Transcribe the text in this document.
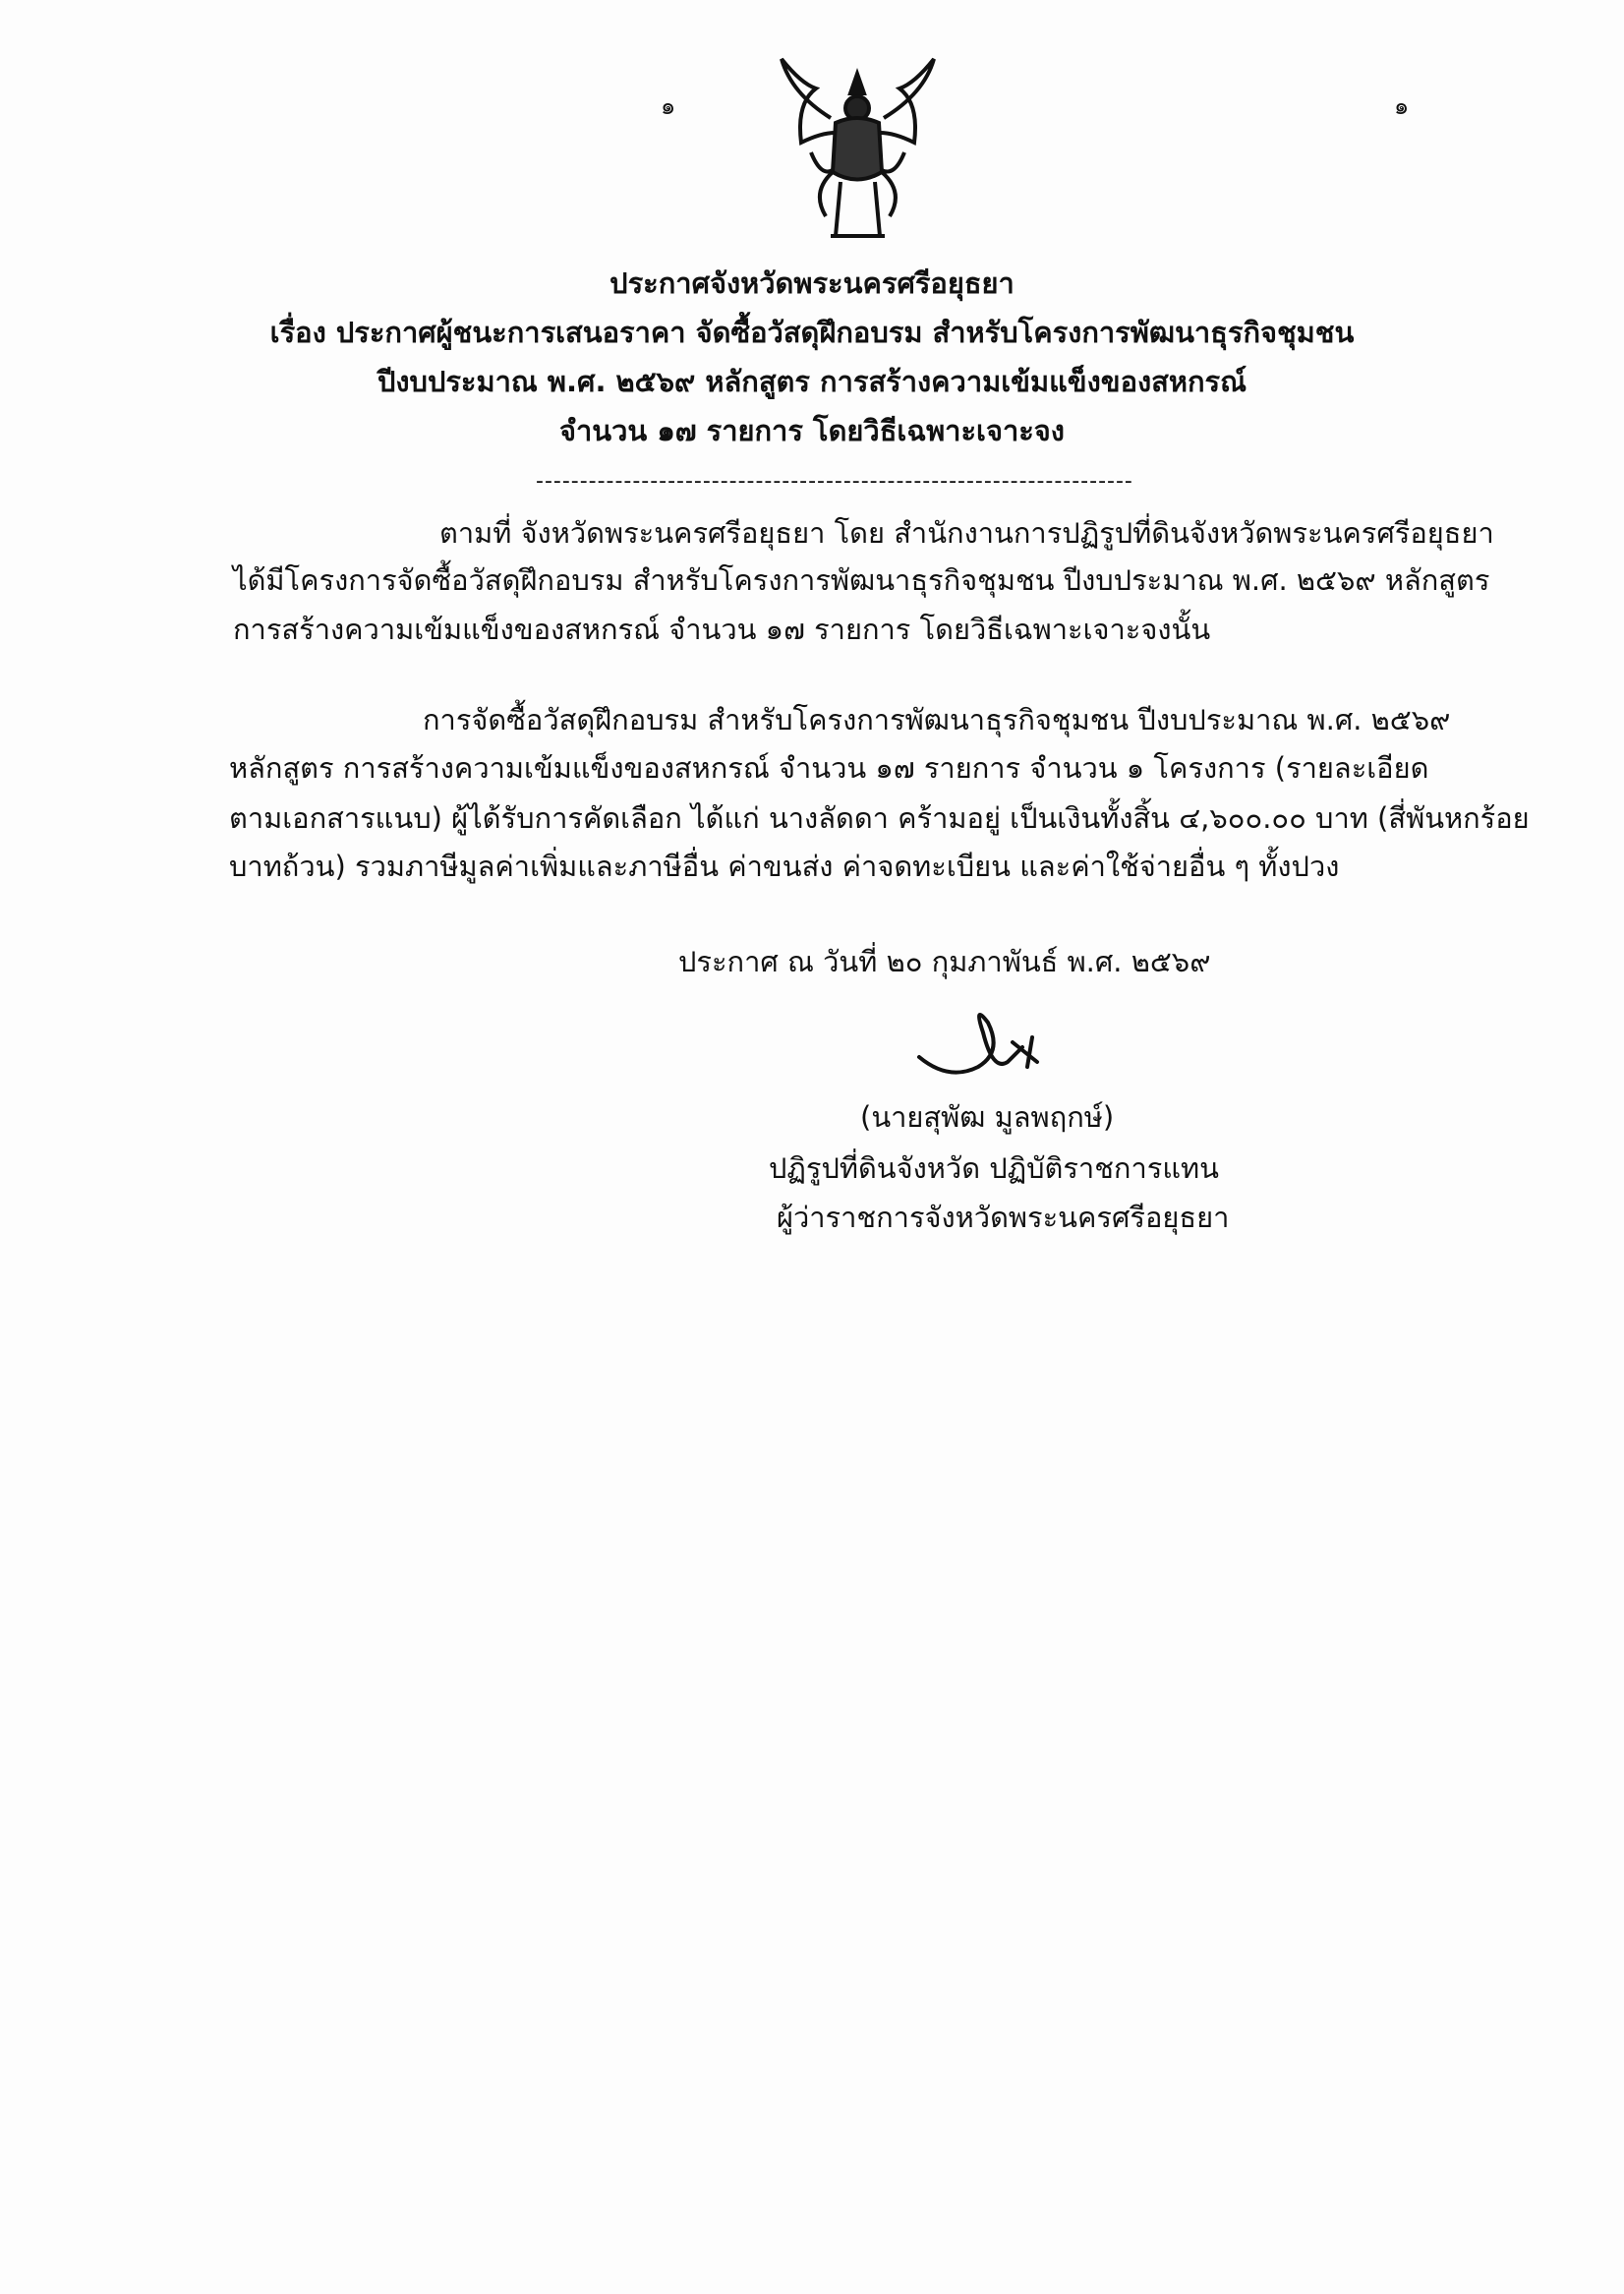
๑	๑
ประกาศจังหวัดพระนครศรีอยุธยา
เรื่อง ประกาศผู้ชนะการเสนอราคา จัดซื้อวัสดุฝึกอบรม สำหรับโครงการพัฒนาธุรกิจชุมชน
ปีงบประมาณ พ.ศ. ๒๕๖๙ หลักสูตร การสร้างความเข้มแข็งของสหกรณ์
จำนวน ๑๗ รายการ โดยวิธีเฉพาะเจาะจง
--------------------------------------------------------------------
ตามที่ จังหวัดพระนครศรีอยุธยา โดย สำนักงานการปฏิรูปที่ดินจังหวัดพระนครศรีอยุธยา
ได้มีโครงการจัดซื้อวัสดุฝึกอบรม สำหรับโครงการพัฒนาธุรกิจชุมชน ปีงบประมาณ พ.ศ. ๒๕๖๙ หลักสูตร
การสร้างความเข้มแข็งของสหกรณ์ จำนวน ๑๗ รายการ โดยวิธีเฉพาะเจาะจงนั้น
การจัดซื้อวัสดุฝึกอบรม สำหรับโครงการพัฒนาธุรกิจชุมชน ปีงบประมาณ พ.ศ. ๒๕๖๙
หลักสูตร การสร้างความเข้มแข็งของสหกรณ์ จำนวน ๑๗ รายการ จำนวน ๑ โครงการ (รายละเอียด
ตามเอกสารแนบ) ผู้ได้รับการคัดเลือก ได้แก่ นางลัดดา คร้ามอยู่ เป็นเงินทั้งสิ้น ๔,๖๐๐.๐๐ บาท (สี่พันหกร้อย
บาทถ้วน) รวมภาษีมูลค่าเพิ่มและภาษีอื่น ค่าขนส่ง ค่าจดทะเบียน และค่าใช้จ่ายอื่น ๆ ทั้งปวง
ประกาศ ณ วันที่ ๒๐ กุมภาพันธ์ พ.ศ. ๒๕๖๙
(นายสุพัฒ มูลพฤกษ์)
ปฏิรูปที่ดินจังหวัด ปฏิบัติราชการแทน
ผู้ว่าราชการจังหวัดพระนครศรีอยุธยา
